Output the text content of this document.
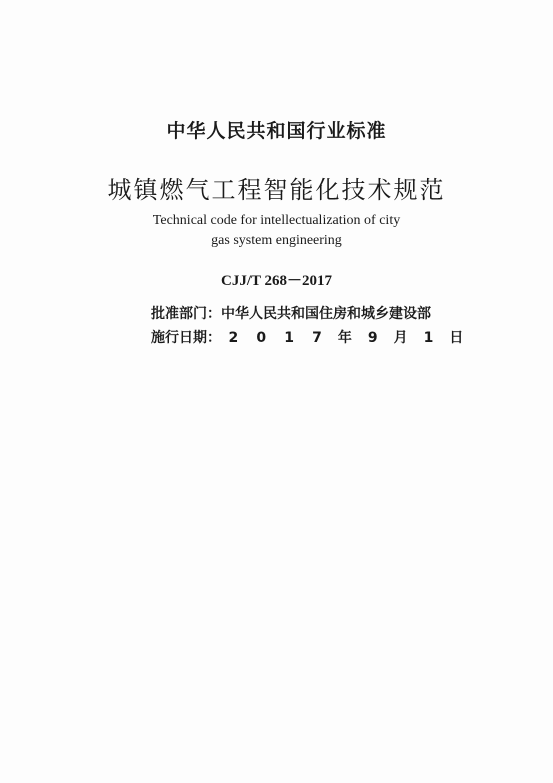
中华人民共和国行业标准
城镇燃气工程智能化技术规范
Technical code for intellectualization of city
gas system engineering
CJJ/T 268－2017
批准部门：中华人民共和国住房和城乡建设部
施行日期： 2 0 1 7 年 9 月 1 日
